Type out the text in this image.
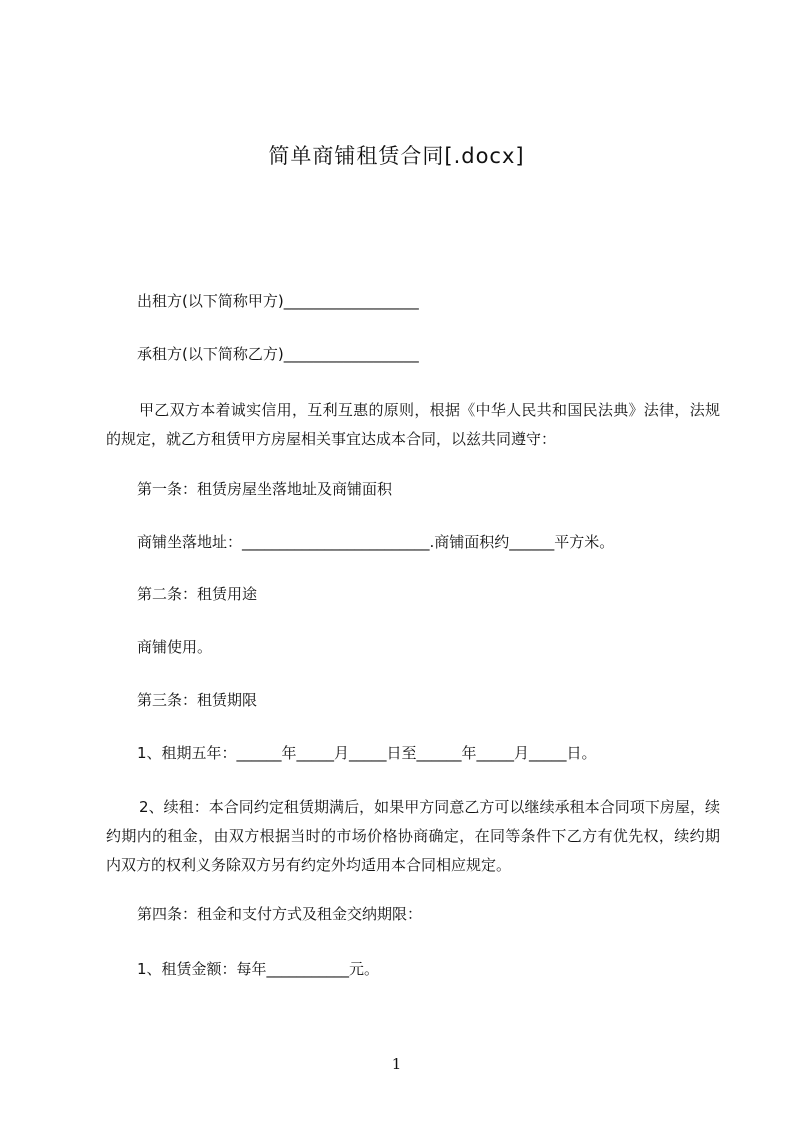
简单商铺租赁合同[.docx]
出租方(以下简称甲方)__________________
承租方(以下简称乙方)__________________
甲乙双方本着诚实信用，互利互惠的原则，根据《中华人民共和国民法典》法律，法规的规定，就乙方租赁甲方房屋相关事宜达成本合同，以兹共同遵守：
第一条：租赁房屋坐落地址及商铺面积
商铺坐落地址：_________________________.商铺面积约______平方米。
第二条：租赁用途
商铺使用。
第三条：租赁期限
1、租期五年：______年_____月_____日至______年_____月_____日。
2、续租：本合同约定租赁期满后，如果甲方同意乙方可以继续承租本合同项下房屋，续约期内的租金，由双方根据当时的市场价格协商确定，在同等条件下乙方有优先权，续约期内双方的权利义务除双方另有约定外均适用本合同相应规定。
第四条：租金和支付方式及租金交纳期限：
1、租赁金额：每年___________元。
1
